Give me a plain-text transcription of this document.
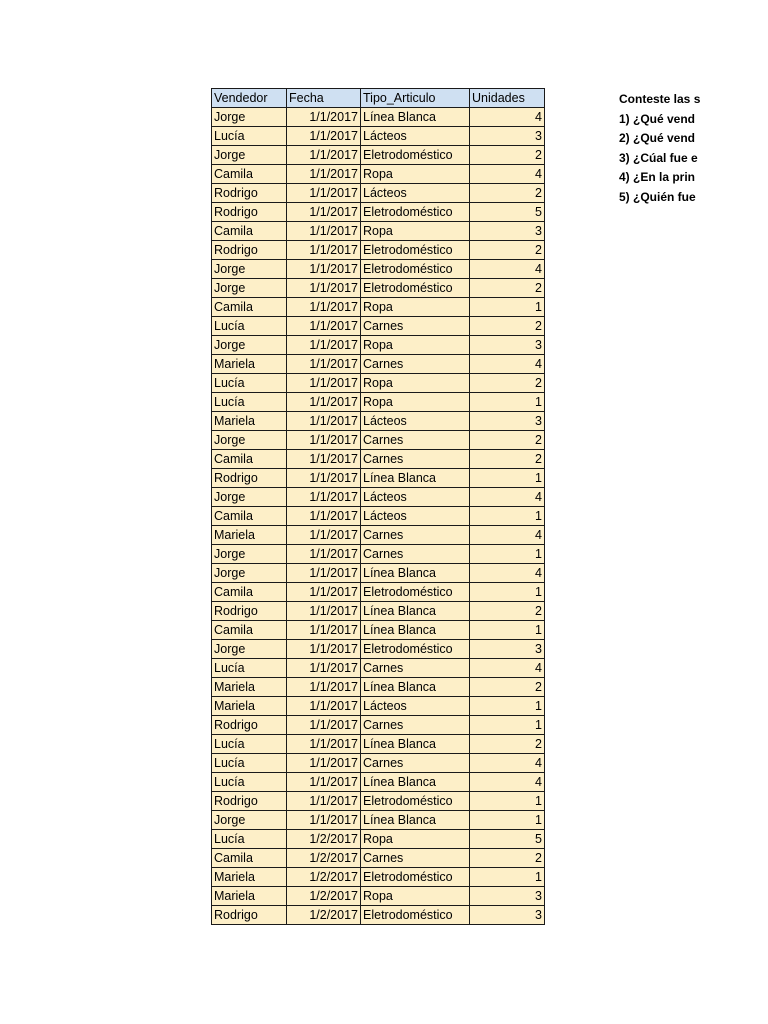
Vendedor	Fecha	Tipo_Articulo	Unidades
Jorge	1/1/2017	Línea Blanca	4
Lucía	1/1/2017	Lácteos	3
Jorge	1/1/2017	Eletrodoméstico	2
Camila	1/1/2017	Ropa	4
Rodrigo	1/1/2017	Lácteos	2
Rodrigo	1/1/2017	Eletrodoméstico	5
Camila	1/1/2017	Ropa	3
Rodrigo	1/1/2017	Eletrodoméstico	2
Jorge	1/1/2017	Eletrodoméstico	4
Jorge	1/1/2017	Eletrodoméstico	2
Camila	1/1/2017	Ropa	1
Lucía	1/1/2017	Carnes	2
Jorge	1/1/2017	Ropa	3
Mariela	1/1/2017	Carnes	4
Lucía	1/1/2017	Ropa	2
Lucía	1/1/2017	Ropa	1
Mariela	1/1/2017	Lácteos	3
Jorge	1/1/2017	Carnes	2
Camila	1/1/2017	Carnes	2
Rodrigo	1/1/2017	Línea Blanca	1
Jorge	1/1/2017	Lácteos	4
Camila	1/1/2017	Lácteos	1
Mariela	1/1/2017	Carnes	4
Jorge	1/1/2017	Carnes	1
Jorge	1/1/2017	Línea Blanca	4
Camila	1/1/2017	Eletrodoméstico	1
Rodrigo	1/1/2017	Línea Blanca	2
Camila	1/1/2017	Línea Blanca	1
Jorge	1/1/2017	Eletrodoméstico	3
Lucía	1/1/2017	Carnes	4
Mariela	1/1/2017	Línea Blanca	2
Mariela	1/1/2017	Lácteos	1
Rodrigo	1/1/2017	Carnes	1
Lucía	1/1/2017	Línea Blanca	2
Lucía	1/1/2017	Carnes	4
Lucía	1/1/2017	Línea Blanca	4
Rodrigo	1/1/2017	Eletrodoméstico	1
Jorge	1/1/2017	Línea Blanca	1
Lucía	1/2/2017	Ropa	5
Camila	1/2/2017	Carnes	2
Mariela	1/2/2017	Eletrodoméstico	1
Mariela	1/2/2017	Ropa	3
Rodrigo	1/2/2017	Eletrodoméstico	3
Conteste las s
1) ¿Qué vend
2) ¿Qué vend
3) ¿Cúal fue e
4) ¿En la prin
5) ¿Quién fue
